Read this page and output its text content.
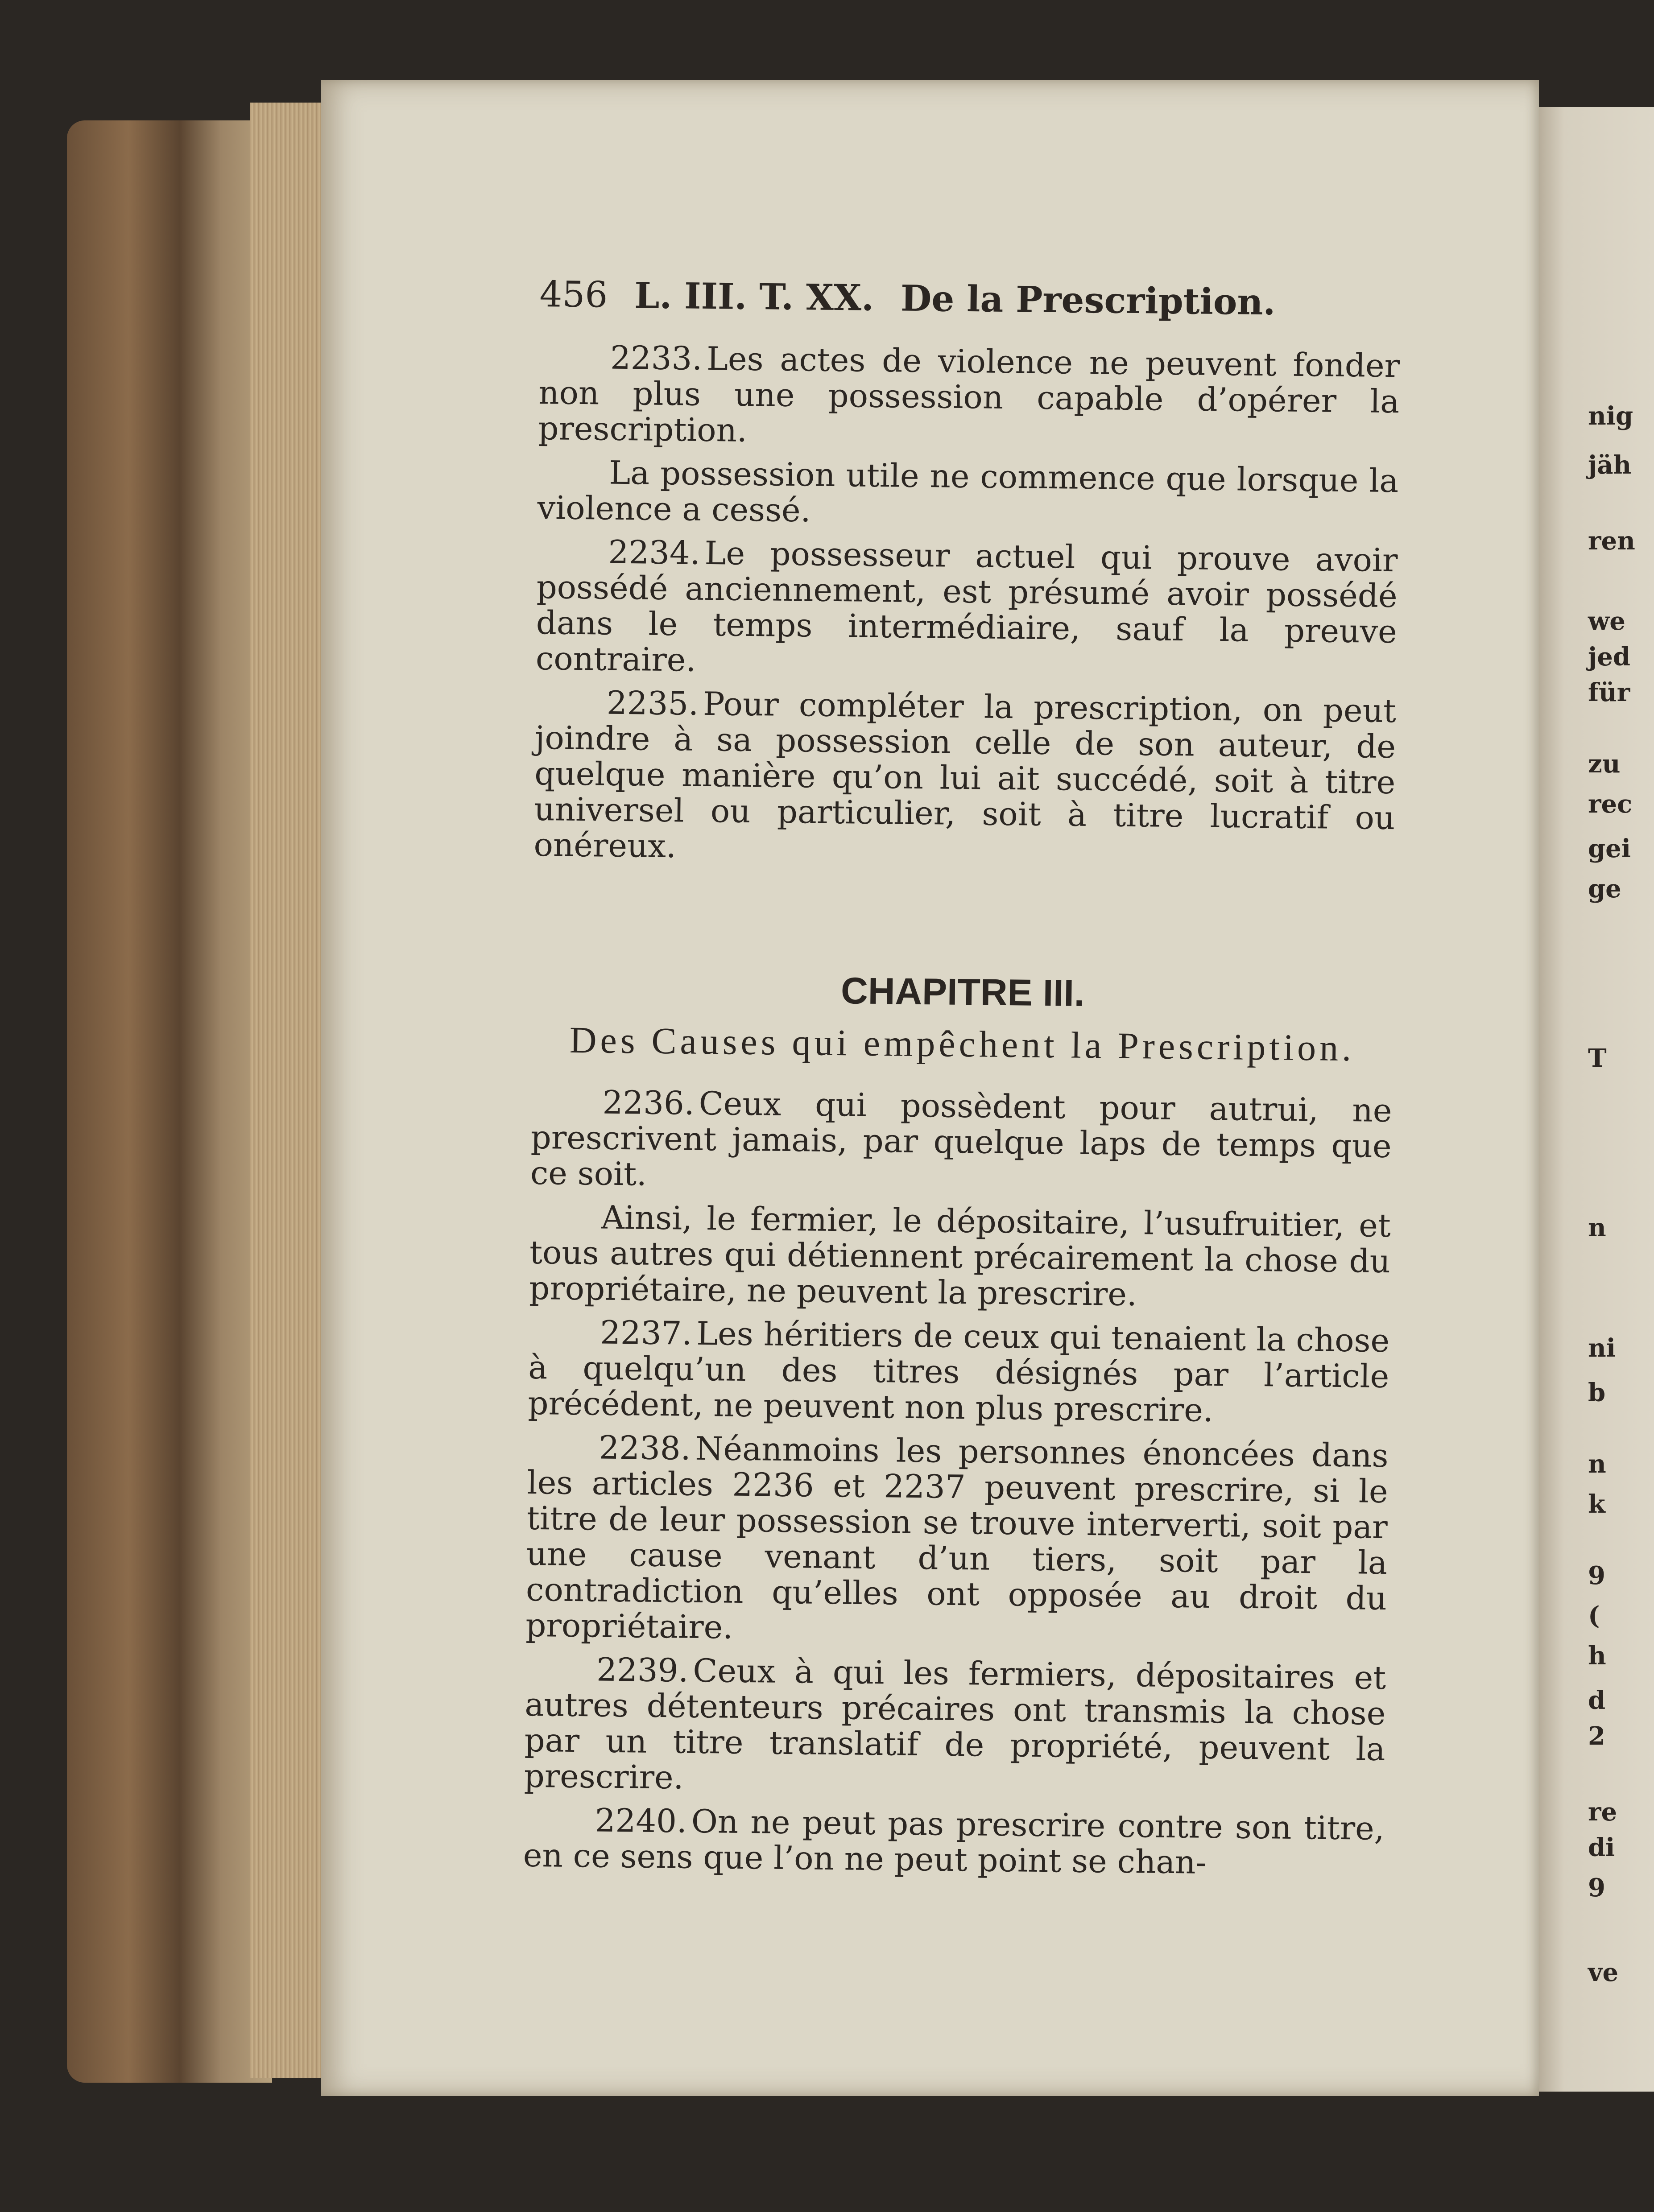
nig
jäh
ren
we
jed
für
zu
rec
gei
ge
T
n
ni
b
n
k
9
(
h
d
2
re
di
9
ve
456 L. III. T. XX. De la Prescription.

2233. Les actes de violence ne peuvent fonder non plus une possession capable d’opérer la prescription.

La possession utile ne commence que lorsque la violence a cessé.

2234. Le possesseur actuel qui prouve avoir possédé anciennement, est présumé avoir possédé dans le temps intermédiaire, sauf la preuve contraire.

2235. Pour compléter la prescription, on peut joindre à sa possession celle de son auteur, de quelque manière qu’on lui ait succédé, soit à titre universel ou particulier, soit à titre lucratif ou onéreux.

CHAPITRE III.
Des Causes qui empêchent la Prescription.

2236. Ceux qui possèdent pour autrui, ne prescrivent jamais, par quelque laps de temps que ce soit.

Ainsi, le fermier, le dépositaire, l’usufruitier, et tous autres qui détiennent précairement la chose du propriétaire, ne peuvent la prescrire.

2237. Les héritiers de ceux qui tenaient la chose à quelqu’un des titres désignés par l’article précédent, ne peuvent non plus prescrire.

2238. Néanmoins les personnes énoncées dans les articles 2236 et 2237 peuvent prescrire, si le titre de leur possession se trouve interverti, soit par une cause venant d’un tiers, soit par la contradiction qu’elles ont opposée au droit du propriétaire.

2239. Ceux à qui les fermiers, dépositaires et autres détenteurs précaires ont transmis la chose par un titre translatif de propriété, peuvent la prescrire.

2240. On ne peut pas prescrire contre son titre, en ce sens que l’on ne peut point se chan-
